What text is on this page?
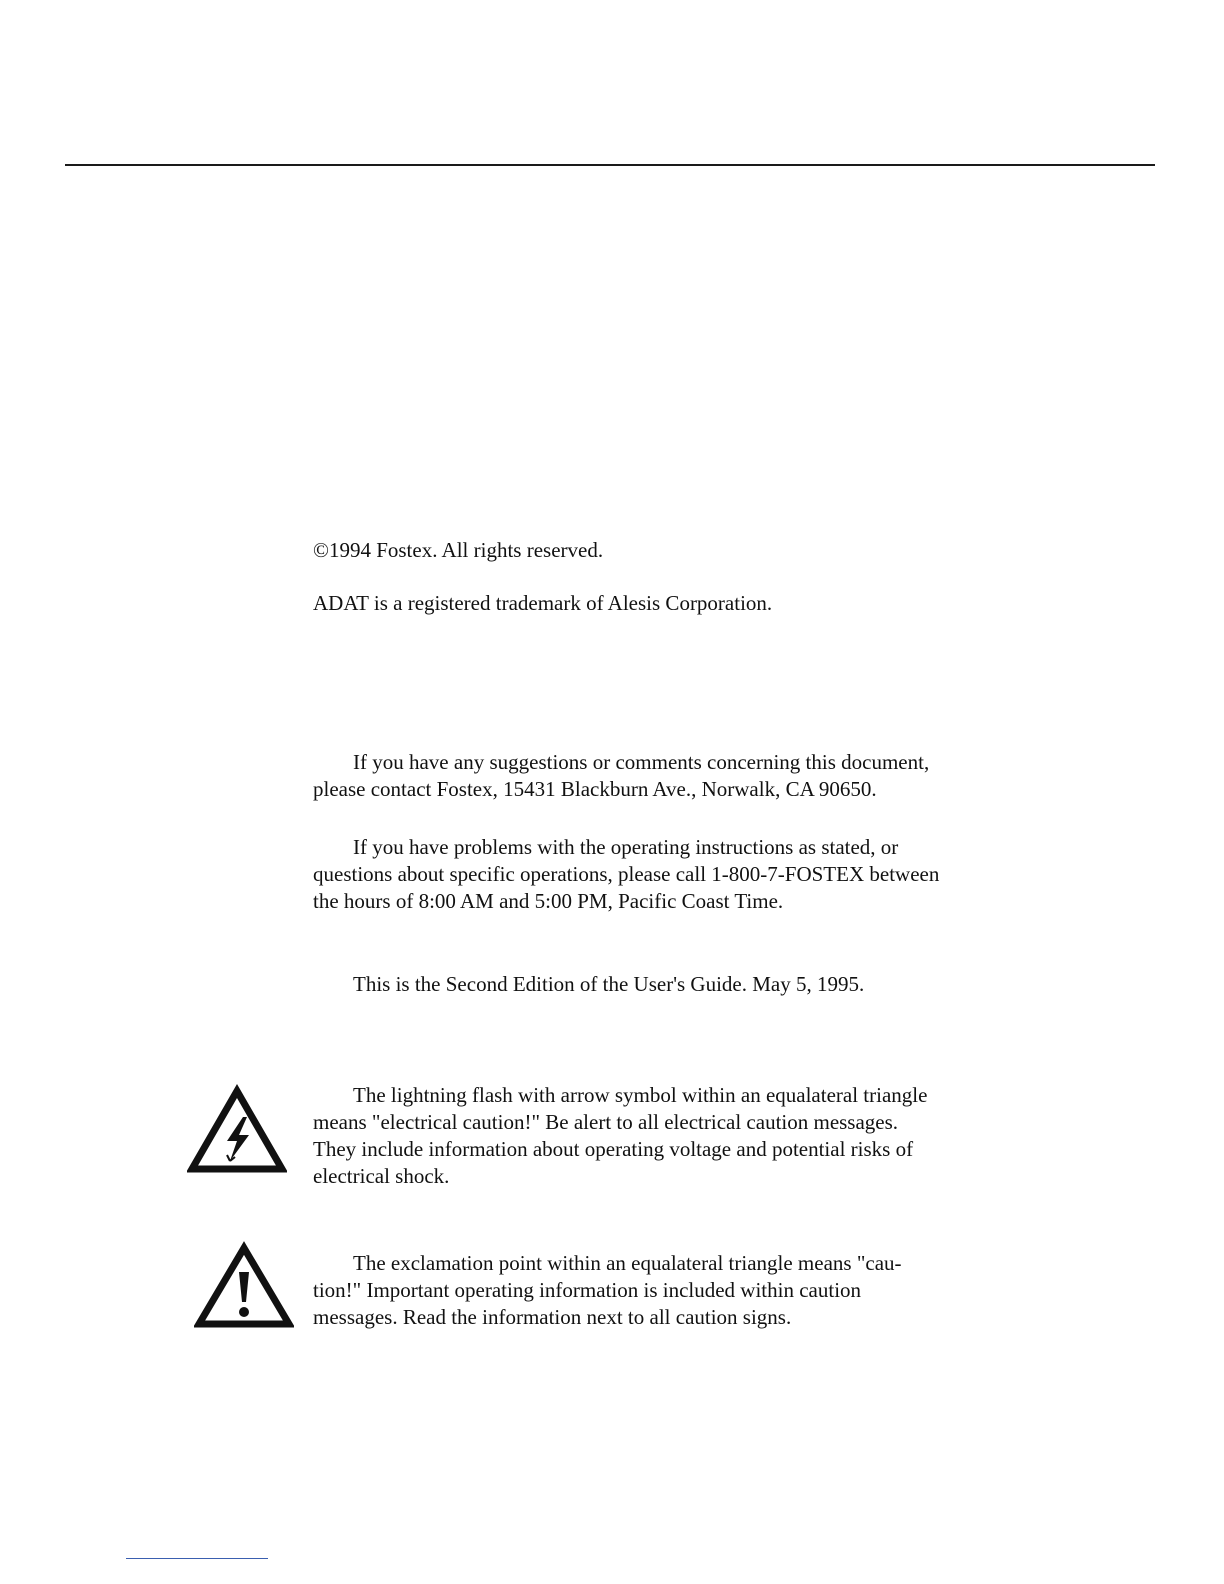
©1994 Fostex. All rights reserved.
ADAT is a registered trademark of Alesis Corporation.
If you have any suggestions or comments concerning this document,
please contact Fostex, 15431 Blackburn Ave., Norwalk, CA 90650.
If you have problems with the operating instructions as stated, or
questions about specific operations, please call 1-800-7-FOSTEX between
the hours of 8:00 AM and 5:00 PM, Pacific Coast Time.
This is the Second Edition of the User's Guide. May 5, 1995.
The lightning flash with arrow symbol within an equalateral triangle
means "electrical caution!" Be alert to all electrical caution messages.
They include information about operating voltage and potential risks of
electrical shock.
The exclamation point within an equalateral triangle means "cau-
tion!" Important operating information is included within caution
messages. Read the information next to all caution signs.
